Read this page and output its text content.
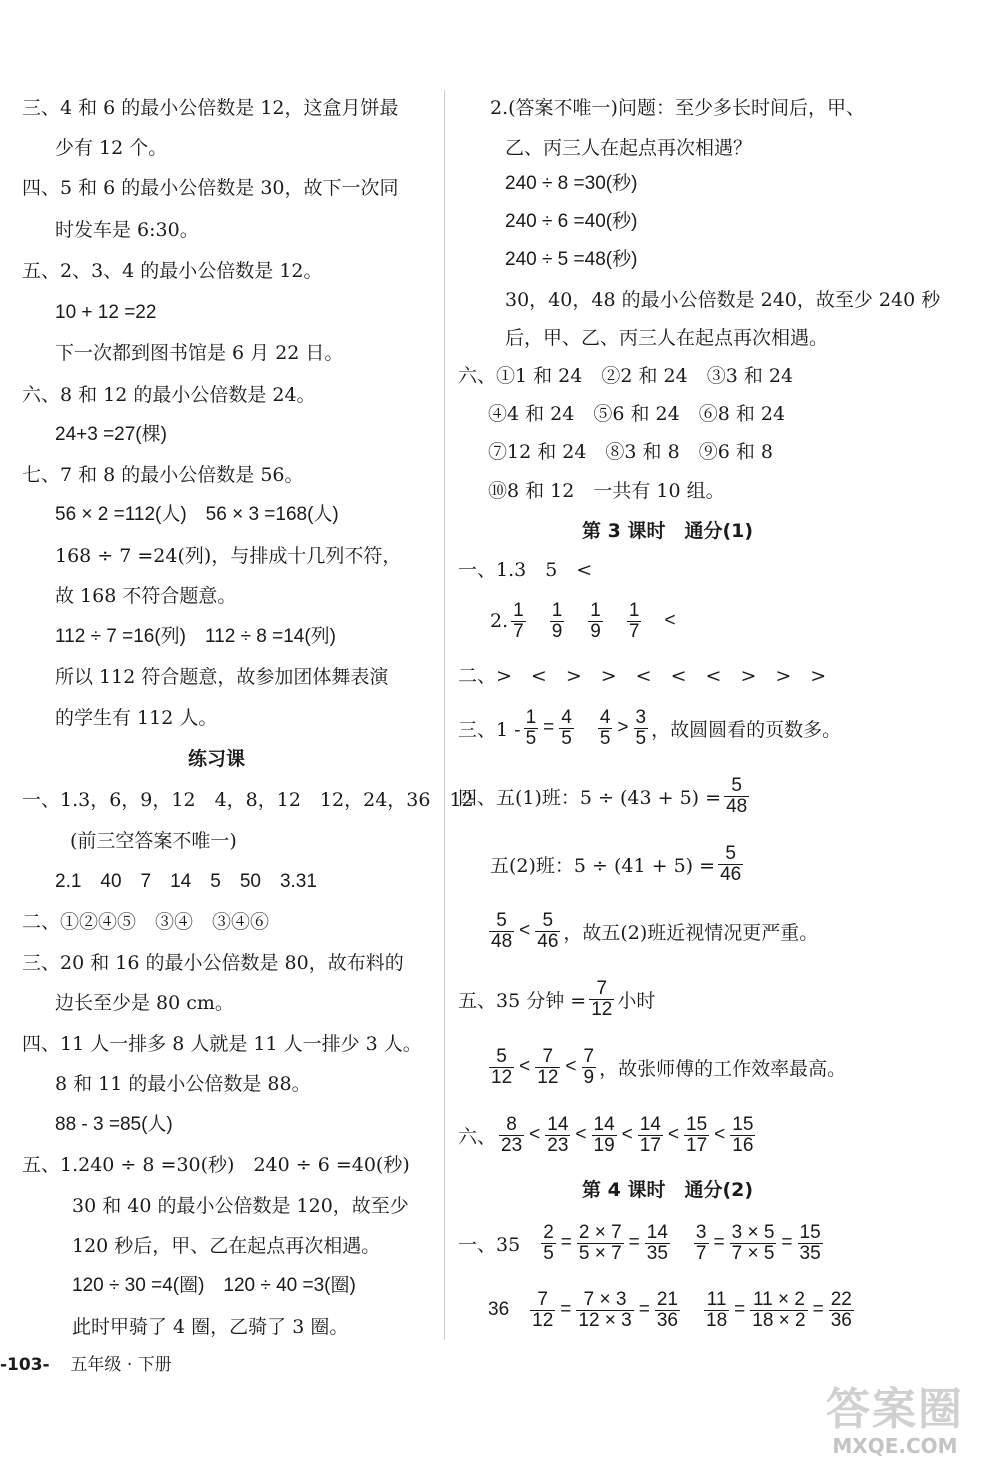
三、4 和 6 的最小公倍数是 12，这盒月饼最
少有 12 个。
四、5 和 6 的最小公倍数是 30，故下一次同
时发车是 6:30。
五、2、3、4 的最小公倍数是 12。
10 + 12 =22
下一次都到图书馆是 6 月 22 日。
六、8 和 12 的最小公倍数是 24。
24+3 =27(棵)
七、7 和 8 的最小公倍数是 56。
56 × 2 =112(人)　56 × 3 =168(人)
168 ÷ 7 =24(列)，与排成十几列不符，
故 168 不符合题意。
112 ÷ 7 =16(列)　112 ÷ 8 =14(列)
所以 112 符合题意，故参加团体舞表演
的学生有 112 人。
练习课
一、1.3，6，9，12　4，8，12　12，24，36　12
(前三空答案不唯一)
2.1　40　7　14　5　50　3.31
二、①②④⑤　③④　③④⑥
三、20 和 16 的最小公倍数是 80，故布料的
边长至少是 80 cm。
四、11 人一排多 8 人就是 11 人一排少 3 人。
8 和 11 的最小公倍数是 88。
88 - 3 =85(人)
五、1.240 ÷ 8 =30(秒)　240 ÷ 6 =40(秒)
30 和 40 的最小公倍数是 120，故至少
120 秒后，甲、乙在起点再次相遇。
120 ÷ 30 =4(圈)　120 ÷ 40 =3(圈)
此时甲骑了 4 圈，乙骑了 3 圈。
2.(答案不唯一)问题：至少多长时间后，甲、
乙、丙三人在起点再次相遇？
240 ÷ 8 =30(秒)
240 ÷ 6 =40(秒)
240 ÷ 5 =48(秒)
30，40，48 的最小公倍数是 240，故至少 240 秒
后，甲、乙、丙三人在起点再次相遇。
六、①1 和 24　②2 和 24　③3 和 24
④4 和 24　⑤6 和 24　⑥8 和 24
⑦12 和 24　⑧3 和 8　⑨6 和 8
⑩8 和 12　一共有 10 组。
第 3 课时　通分(1)
一、1.3　5　<
2. $\frac{1}{7} \frac{1}{9} \frac{1}{9} \frac{1}{7}$ <
二、>　<　>　>　<　<　<　>　>　>
三、$1 - \frac{1}{5} = \frac{4}{5} \frac{4}{5} > \frac{3}{5}$ ，故圆圆看的页数多。
四、五(1)班：$5 \div (43 + 5) = \frac{5}{48}$
五(2)班：$5 \div (41 + 5) = \frac{5}{46}$
$\frac{5}{48} < \frac{5}{46}$ ，故五(2)班近视情况更严重。
五、35 分钟 = $\frac{7}{12}$ 小时
$\frac{5}{12} < \frac{7}{12} < \frac{7}{9}$ ，故张师傅的工作效率最高。
六、 $\frac{8}{23} < \frac{14}{23} < \frac{14}{19} < \frac{14}{17} < \frac{15}{17} < \frac{15}{16}$
第 4 课时　通分(2)
一、$35 \frac{2}{5} = \frac{2 \times 7}{5 \times 7} = \frac{14}{35} \frac{3}{7} = \frac{3 \times 5}{7 \times 5} = \frac{15}{35}$
$36 \frac{7}{12} = \frac{7 \times 3}{12 \times 3} = \frac{21}{36} \frac{11}{18} = \frac{11 \times 2}{18 \times 2} = \frac{22}{36}$
-103- 五年级 · 下册
答案圈
MXQE.COM
